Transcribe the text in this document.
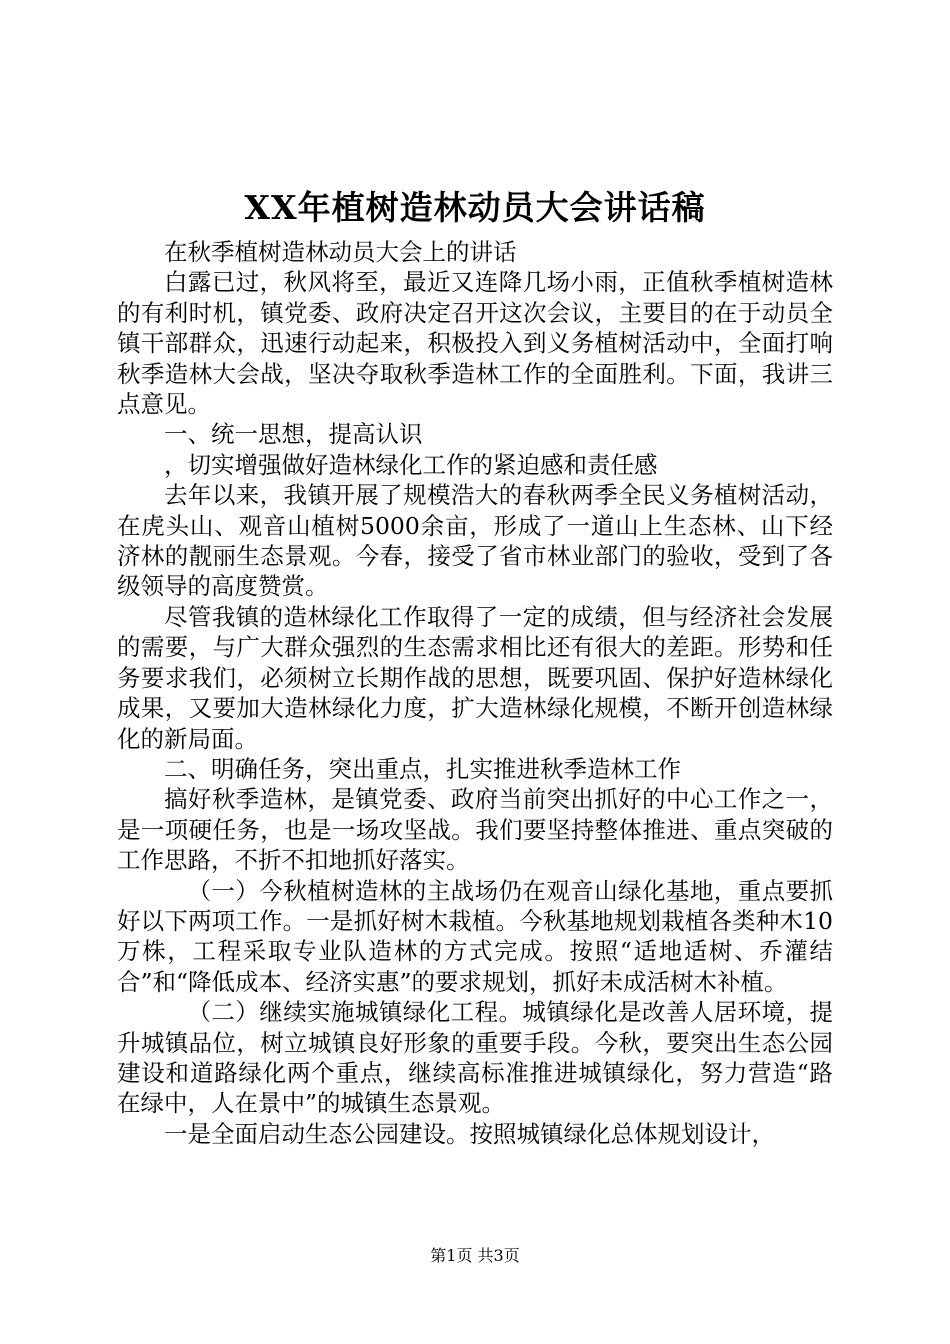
XX年植树造林动员大会讲话稿

在秋季植树造林动员大会上的讲话

白露已过，秋风将至，最近又连降几场小雨，正值秋季植树造林的有利时机，镇党委、政府决定召开这次会议，主要目的在于动员全镇干部群众，迅速行动起来，积极投入到义务植树活动中，全面打响秋季造林大会战，坚决夺取秋季造林工作的全面胜利。下面，我讲三点意见。

一、统一思想，提高认识

，切实增强做好造林绿化工作的紧迫感和责任感

去年以来，我镇开展了规模浩大的春秋两季全民义务植树活动，在虎头山、观音山植树5000余亩，形成了一道山上生态林、山下经济林的靓丽生态景观。今春，接受了省市林业部门的验收，受到了各级领导的高度赞赏。

尽管我镇的造林绿化工作取得了一定的成绩，但与经济社会发展的需要，与广大群众强烈的生态需求相比还有很大的差距。形势和任务要求我们，必须树立长期作战的思想，既要巩固、保护好造林绿化成果，又要加大造林绿化力度，扩大造林绿化规模，不断开创造林绿化的新局面。

二、明确任务，突出重点，扎实推进秋季造林工作

搞好秋季造林，是镇党委、政府当前突出抓好的中心工作之一，是一项硬任务，也是一场攻坚战。我们要坚持整体推进、重点突破的工作思路，不折不扣地抓好落实。

（一）今秋植树造林的主战场仍在观音山绿化基地，重点要抓好以下两项工作。一是抓好树木栽植。今秋基地规划栽植各类种木10万株，工程采取专业队造林的方式完成。按照“适地适树、乔灌结合”和“降低成本、经济实惠”的要求规划，抓好未成活树木补植。

（二）继续实施城镇绿化工程。城镇绿化是改善人居环境，提升城镇品位，树立城镇良好形象的重要手段。今秋，要突出生态公园建设和道路绿化两个重点，继续高标准推进城镇绿化，努力营造“路在绿中，人在景中”的城镇生态景观。

一是全面启动生态公园建设。按照城镇绿化总体规划设计，

第1页 共3页
